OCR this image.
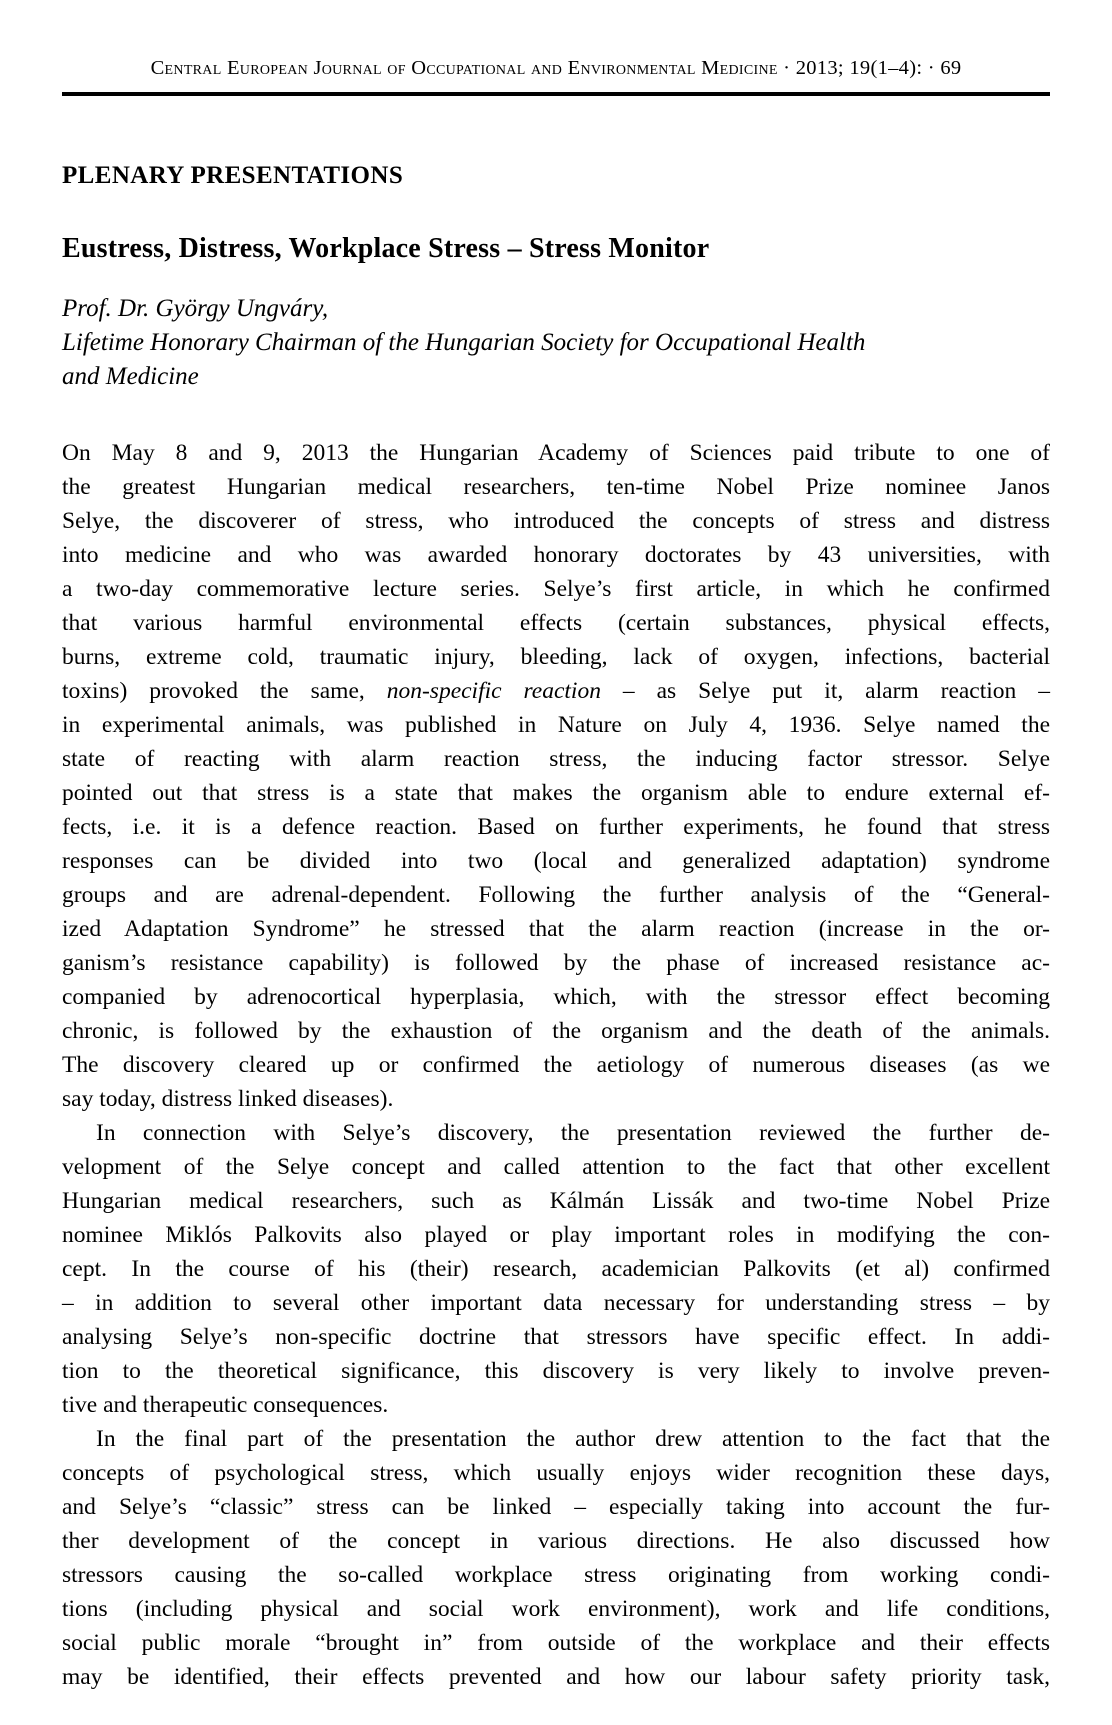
Central European Journal of Occupational and Environmental Medicine · 2013; 19(1–4): · 69
PLENARY PRESENTATIONS
Eustress, Distress, Workplace Stress – Stress Monitor
Prof. Dr. György Ungváry,
Lifetime Honorary Chairman of the Hungarian Society for Occupational Health
and Medicine
On May 8 and 9, 2013 the Hungarian Academy of Sciences paid tribute to one of
the greatest Hungarian medical researchers, ten-time Nobel Prize nominee Janos
Selye, the discoverer of stress, who introduced the concepts of stress and distress
into medicine and who was awarded honorary doctorates by 43 universities, with
a two-day commemorative lecture series. Selye’s first article, in which he confirmed
that various harmful environmental effects (certain substances, physical effects,
burns, extreme cold, traumatic injury, bleeding, lack of oxygen, infections, bacterial
toxins) provoked the same, non-specific reaction – as Selye put it, alarm reaction –
in experimental animals, was published in Nature on July 4, 1936. Selye named the
state of reacting with alarm reaction stress, the inducing factor stressor. Selye
pointed out that stress is a state that makes the organism able to endure external ef-
fects, i.e. it is a defence reaction. Based on further experiments, he found that stress
responses can be divided into two (local and generalized adaptation) syndrome
groups and are adrenal-dependent. Following the further analysis of the “General-
ized Adaptation Syndrome” he stressed that the alarm reaction (increase in the or-
ganism’s resistance capability) is followed by the phase of increased resistance ac-
companied by adrenocortical hyperplasia, which, with the stressor effect becoming
chronic, is followed by the exhaustion of the organism and the death of the animals.
The discovery cleared up or confirmed the aetiology of numerous diseases (as we
say today, distress linked diseases).
In connection with Selye’s discovery, the presentation reviewed the further de-
velopment of the Selye concept and called attention to the fact that other excellent
Hungarian medical researchers, such as Kálmán Lissák and two-time Nobel Prize
nominee Miklós Palkovits also played or play important roles in modifying the con-
cept. In the course of his (their) research, academician Palkovits (et al) confirmed
– in addition to several other important data necessary for understanding stress – by
analysing Selye’s non-specific doctrine that stressors have specific effect. In addi-
tion to the theoretical significance, this discovery is very likely to involve preven-
tive and therapeutic consequences.
In the final part of the presentation the author drew attention to the fact that the
concepts of psychological stress, which usually enjoys wider recognition these days,
and Selye’s “classic” stress can be linked – especially taking into account the fur-
ther development of the concept in various directions. He also discussed how
stressors causing the so-called workplace stress originating from working condi-
tions (including physical and social work environment), work and life conditions,
social public morale “brought in” from outside of the workplace and their effects
may be identified, their effects prevented and how our labour safety priority task,
